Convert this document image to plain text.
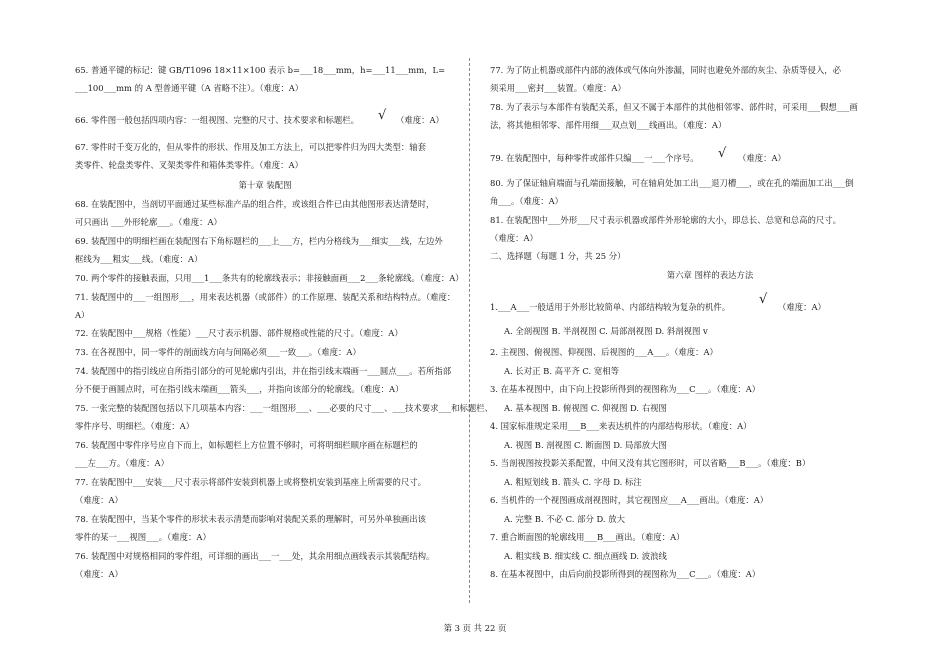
65. 普通平键的标记：键 GB/T1096 18×11×100 表示 b=___18___mm，h=___11___mm，L=
___100___mm 的 A 型普通平键（A 省略不注）。（难度：A）
66. 零件图一般包括四项内容：一组视图、完整的尺寸、技术要求和标题栏。 √ （难度：A）
67. 零件时千变万化的，但从零件的形状、作用及加工方法上，可以把零件归为四大类型：轴套
类零件、轮盘类零件、叉架类零件和箱体类零件。（难度：A）
第十章 装配图
68. 在装配图中，当剖切平面通过某些标准产品的组合件，或该组合件已由其他图形表达清楚时，
可只画出 ___外形轮廓___。（难度：A）
69. 装配图中的明细栏画在装配图右下角标题栏的___上___方，栏内分格线为___细实___线，左边外
框线为___粗实___线。（难度：A）
70. 两个零件的接触表面，只用___1___条共有的轮廓线表示；非接触面画___2___条轮廓线。（难度：A）
71. 装配图中的___一组图形___，用来表达机器（或部件）的工作原理、装配关系和结构特点。（难度：
A）
72. 在装配图中___规格（性能）___尺寸表示机器、部件规格或性能的尺寸。（难度：A）
73. 在各视图中，同一零件的剖面线方向与间隔必须___一致___。（难度：A）
74. 装配图中的指引线应自所指引部分的可见轮廓内引出，并在指引线末端画一___圆点___。若所指部
分不便于画圆点时，可在指引线末端画___箭头___，并指向该部分的轮廓线。（难度：A）
75. 一张完整的装配图包括以下几项基本内容：___一组图形___、___必要的尺寸___、___技术要求___和标题栏、
零件序号、明细栏。（难度：A）
76. 装配图中零件序号应自下而上，如标题栏上方位置不够时，可将明细栏顺序画在标题栏的
___左___方。（难度：A）
77. 在装配图中___安装___尺寸表示将部件安装到机器上或将整机安装到基座上所需要的尺寸。
（难度：A）
78. 在装配图中，当某个零件的形状未表示清楚而影响对装配关系的理解时，可另外单独画出该
零件的某一___视图___。（难度：A）
76. 装配图中对规格相同的零件组，可详细的画出___一___处，其余用细点画线表示其装配结构。
（难度：A）
77. 为了防止机器或部件内部的液体或气体向外渗漏，同时也避免外部的灰尘、杂质等侵入，必
须采用___密封___装置。（难度：A）
78. 为了表示与本部件有装配关系，但又不属于本部件的其他相邻零、部件时，可采用___假想___画
法，将其他相邻零、部件用细___双点划___线画出。（难度：A）
79. 在装配图中，每种零件或部件只编___一___个序号。 √ （难度：A）
80. 为了保证轴肩端面与孔端面接触，可在轴肩处加工出___退刀槽___，或在孔的端面加工出___倒
角___。（难度：A）
81. 在装配图中___外形___尺寸表示机器或部件外形轮廓的大小，即总长、总宽和总高的尺寸。
（难度：A）
二、选择题（每题 1 分，共 25 分）
第六章 图样的表达方法
1.___A___一般适用于外形比较简单、内部结构较为复杂的机件。 √ （难度：A）
A. 全剖视图 B. 半剖视图 C. 局部剖视图 D. 斜剖视图 v
2. 主视图、俯视图、仰视图、后视图的___A___。（难度：A）
A. 长对正 B. 高平齐 C. 宽相等
3. 在基本视图中，由下向上投影所得到的视图称为___C___。（难度：A）
A. 基本视图 B. 俯视图 C. 仰视图 D. 右视图
4. 国家标准规定采用___B___来表达机件的内部结构形状。（难度：A）
A. 视图 B. 剖视图 C. 断面图 D. 局部放大图
5. 当剖视图按投影关系配置，中间又没有其它图形时，可以省略___B___。（难度：B）
A. 粗短划线 B. 箭头 C. 字母 D. 标注
6. 当机件的一个视图画成剖视图时，其它视图应___A___画出。（难度：A）
A. 完整 B. 不必 C. 部分 D. 放大
7. 重合断面图的轮廓线用___B___画出。（难度：A）
A. 粗实线 B. 细实线 C. 细点画线 D. 波浪线
8. 在基本视图中，由后向前投影所得到的视图称为___C___。（难度：A）
第 3 页 共 22 页
